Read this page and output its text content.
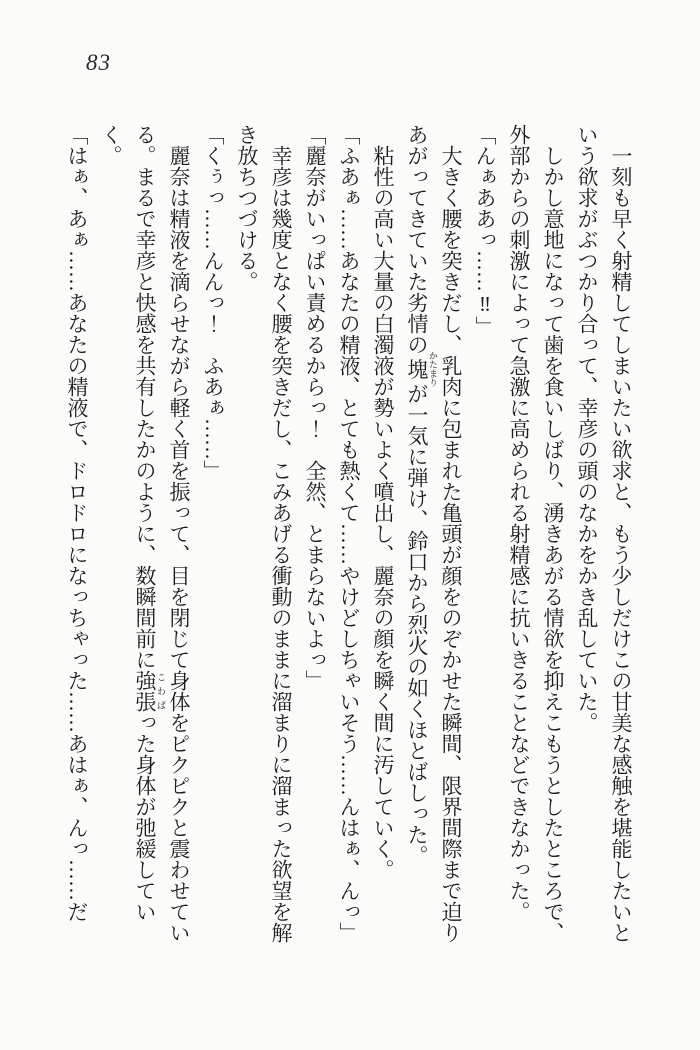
83

一刻も早く射精してしまいたい欲求と、もう少しだけこの甘美な感触を堪能したいという欲求がぶつかり合って、幸彦の頭のなかをかき乱していた。

しかし意地になって歯を食いしばり、湧きあがる情欲を抑えこもうとしたところで、外部からの刺激によって急激に高められる射精感に抗いきることなどできなかった。

「んぁああっ……‼」

大きく腰を突きだし、乳肉に包まれた亀頭が顔をのぞかせた瞬間、限界間際まで迫りあがってきていた劣情の塊 かたまりが一気に弾け、鈴口から烈火の如くほとばしった。

粘性の高い大量の白濁液が勢いよく噴出し、麗奈の顔を瞬く間に汚していく。

「ふあぁ……あなたの精液、とても熱くて……やけどしちゃいそう……んはぁ、んっ」

「麗奈がいっぱい責めるからっ！　全然、とまらないよっ」

幸彦は幾度となく腰を突きだし、こみあげる衝動のままに溜まりに溜まった欲望を解き放ちつづける。

「くぅっ……んんっ！　ふあぁ……」

麗奈は精液を滴らせながら軽く首を振って、目を閉じて身体をピクピクと震わせている。まるで幸彦と快感を共有したかのように、数瞬間前に強張 こわばった身体が弛緩していく。

「はぁ、あぁ……あなたの精液で、ドロドロになっちゃった……あはぁ、んっ……だ
